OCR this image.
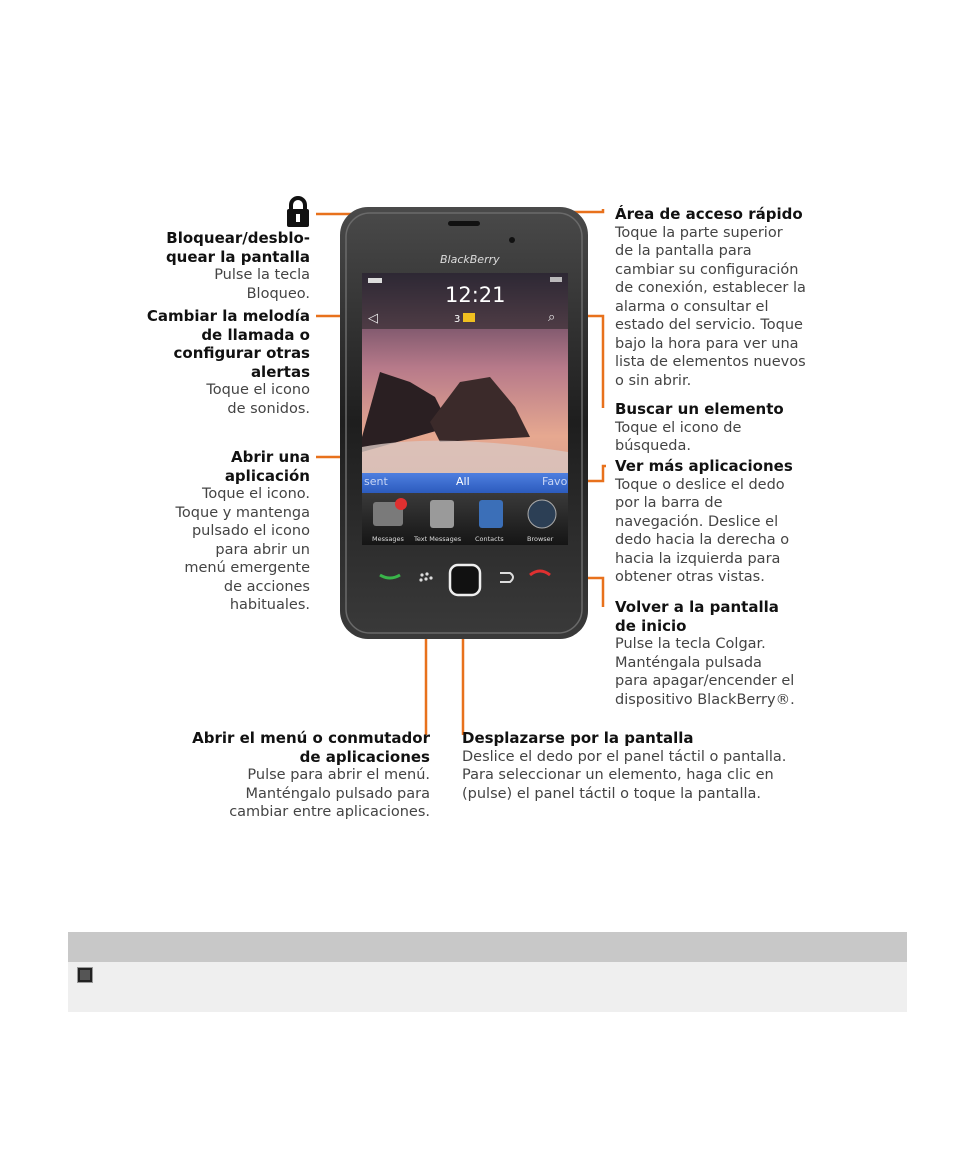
BlackBerry
12:21
3
◁	⌕
sent	All	Favo
Messages Text Messages Contacts	Browser
Bloquear/desblo-
quear la pantalla
Pulse la tecla
Bloqueo.
Cambiar la melodía
de llamada o
configurar otras
alertas
Toque el icono
de sonidos.
Abrir una
aplicación
Toque el icono.
Toque y mantenga
pulsado el icono
para abrir un
menú emergente
de acciones
habituales.
Área de acceso rápido
Toque la parte superior
de la pantalla para
cambiar su configuración
de conexión, establecer la
alarma o consultar el
estado del servicio. Toque
bajo la hora para ver una
lista de elementos nuevos
o sin abrir.
Buscar un elemento
Toque el icono de
búsqueda.
Ver más aplicaciones
Toque o deslice el dedo
por la barra de
navegación. Deslice el
dedo hacia la derecha o
hacia la izquierda para
obtener otras vistas.
Volver a la pantalla
de inicio
Pulse la tecla Colgar.
Manténgala pulsada
para apagar/encender el
dispositivo BlackBerry®.
Abrir el menú o conmutador
de aplicaciones
Pulse para abrir el menú.
Manténgalo pulsado para
cambiar entre aplicaciones.
Desplazarse por la pantalla
Deslice el dedo por el panel táctil o pantalla.
Para seleccionar un elemento, haga clic en
(pulse) el panel táctil o toque la pantalla.
